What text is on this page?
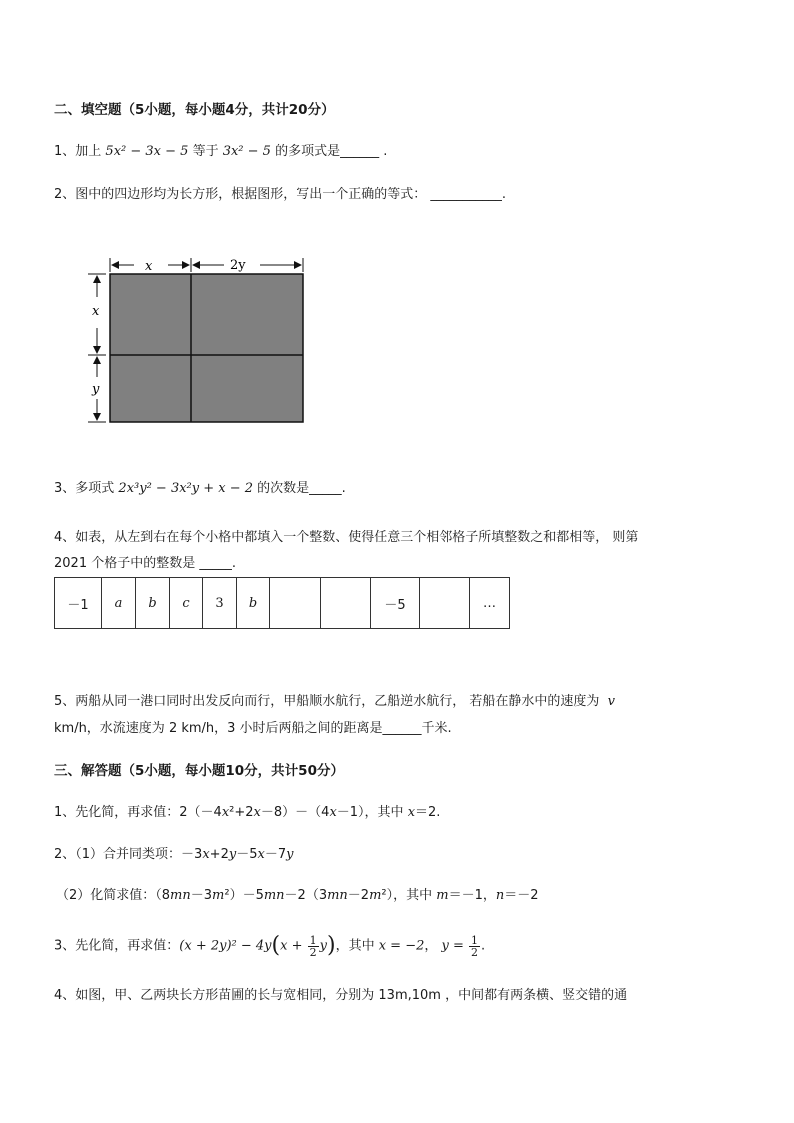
二、填空题（5小题，每小题4分，共计20分）
1、加上 5x² − 3x − 5 等于 3x² − 5 的多项式是______ .
2、图中的四边形均为长方形，根据图形，写出一个正确的等式： ___________.
x	2y
x
y
3、多项式 2x³y² − 3x²y + x − 2 的次数是_____.
4、如表，从左到右在每个小格中都填入一个整数、使得任意三个相邻格子所填整数之和都相等， 则第
2021 个格子中的整数是 _____.
－1	a	b	c	3	b			－5		…
5、两船从同一港口同时出发反向而行，甲船顺水航行，乙船逆水航行， 若船在静水中的速度为 v
km/h，水流速度为 2 km/h，3 小时后两船之间的距离是______千米.
三、解答题（5小题，每小题10分，共计50分）
1、先化简，再求值：2（－4x²+2x－8）－（4x－1），其中 x＝2.
2、（1）合并同类项：－3x+2y－5x－7y
（2）化简求值：（8mn－3m²）－5mn－2（3mn－2m²），其中 m＝－1，n＝－2
3、先化简，再求值：$(x + 2y)^2 - 4y(x + \frac{1}{2} y)$，其中 x = −2， $y = \frac{1}{2}$ .
4、如图，甲、乙两块长方形苗圃的长与宽相同，分别为 13m,10m ，中间都有两条横、竖交错的通
